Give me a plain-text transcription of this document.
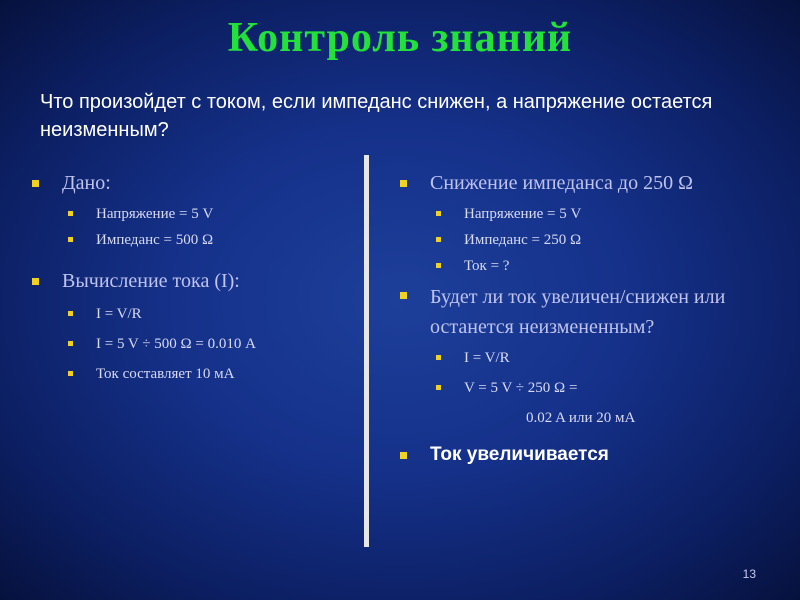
Контроль знаний
Что произойдет с током, если импеданс снижен, а напряжение остается неизменным?
Дано:
Напряжение = 5 V
Импеданс = 500 Ω
Вычисление тока (I):
I = V/R
I = 5 V ÷ 500 Ω = 0.010 A
Ток составляет 10 мА
Снижение импеданса до 250 Ω
Напряжение = 5 V
Импеданс = 250 Ω
Ток = ?
Будет ли ток увеличен/снижен или останется неизмененным?
I = V/R
V = 5 V ÷ 250 Ω =
0.02 A или 20 мА
Ток увеличивается
13
